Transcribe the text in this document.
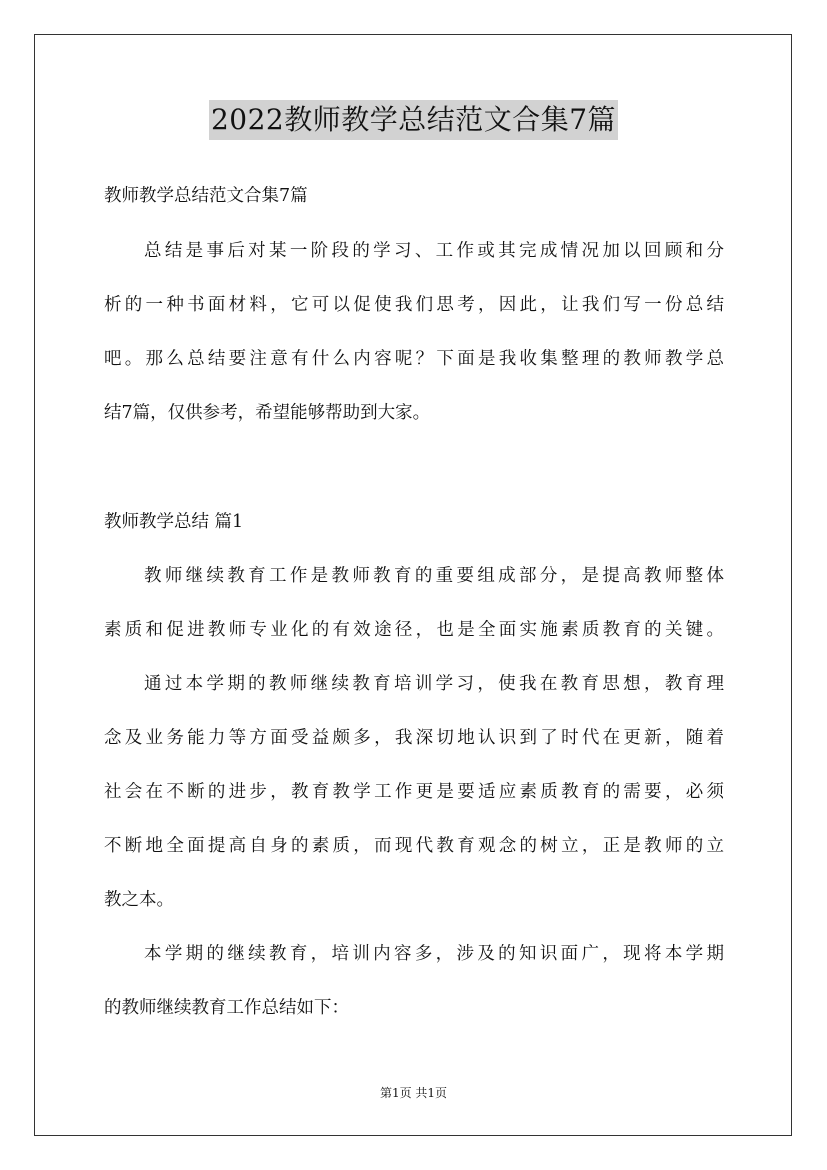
2022教师教学总结范文合集7篇
教师教学总结范文合集7篇
总结是事后对某一阶段的学习、工作或其完成情况加以回顾和分
析的一种书面材料，它可以促使我们思考，因此，让我们写一份总结
吧。那么总结要注意有什么内容呢？下面是我收集整理的教师教学总
结7篇，仅供参考，希望能够帮助到大家。
教师教学总结 篇1
教师继续教育工作是教师教育的重要组成部分，是提高教师整体
素质和促进教师专业化的有效途径，也是全面实施素质教育的关键。
通过本学期的教师继续教育培训学习，使我在教育思想，教育理
念及业务能力等方面受益颇多，我深切地认识到了时代在更新，随着
社会在不断的进步，教育教学工作更是要适应素质教育的需要，必须
不断地全面提高自身的素质，而现代教育观念的树立，正是教师的立
教之本。
本学期的继续教育，培训内容多，涉及的知识面广，现将本学期
的教师继续教育工作总结如下：
第1页 共1页
